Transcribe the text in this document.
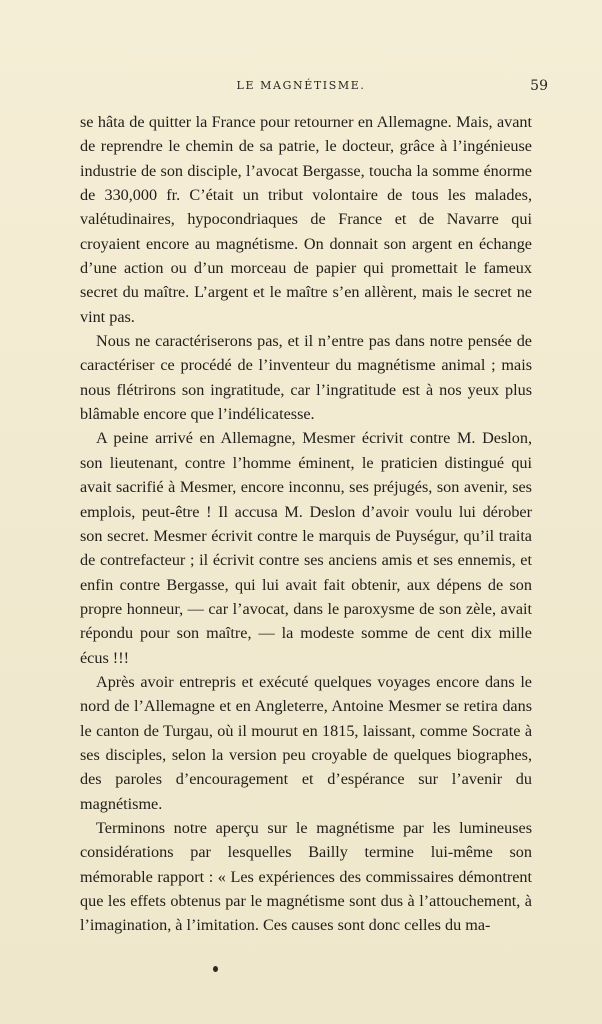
LE MAGNÉTISME.	59

se hâta de quitter la France pour retourner en Allemagne. Mais, avant de reprendre le chemin de sa patrie, le docteur, grâce à l’ingénieuse industrie de son disciple, l’avocat Bergasse, toucha la somme énorme de 330,000 fr. C’était un tribut volontaire de tous les malades, valétudinaires, hypocondriaques de France et de Navarre qui croyaient encore au magnétisme. On donnait son argent en échange d’une action ou d’un morceau de papier qui promettait le fameux secret du maître. L’argent et le maître s’en allèrent, mais le secret ne vint pas.

Nous ne caractériserons pas, et il n’entre pas dans notre pensée de caractériser ce procédé de l’inventeur du magnétisme animal ; mais nous flétrirons son ingratitude, car l’ingratitude est à nos yeux plus blâmable encore que l’indélicatesse.

A peine arrivé en Allemagne, Mesmer écrivit contre M. Deslon, son lieutenant, contre l’homme éminent, le praticien distingué qui avait sacrifié à Mesmer, encore inconnu, ses préjugés, son avenir, ses emplois, peut-être ! Il accusa M. Deslon d’avoir voulu lui dérober son secret. Mesmer écrivit contre le marquis de Puységur, qu’il traita de contrefacteur ; il écrivit contre ses anciens amis et ses ennemis, et enfin contre Bergasse, qui lui avait fait obtenir, aux dépens de son propre honneur, — car l’avocat, dans le paroxysme de son zèle, avait répondu pour son maître, — la modeste somme de cent dix mille écus !!!

Après avoir entrepris et exécuté quelques voyages encore dans le nord de l’Allemagne et en Angleterre, Antoine Mesmer se retira dans le canton de Turgau, où il mourut en 1815, laissant, comme Socrate à ses disciples, selon la version peu croyable de quelques biographes, des paroles d’encouragement et d’espérance sur l’avenir du magnétisme.

Terminons notre aperçu sur le magnétisme par les lumineuses considérations par lesquelles Bailly termine lui-même son mémorable rapport : « Les expériences des commissaires démontrent que les effets obtenus par le magnétisme sont dus à l’attouchement, à l’imagination, à l’imitation. Ces causes sont donc celles du ma-
